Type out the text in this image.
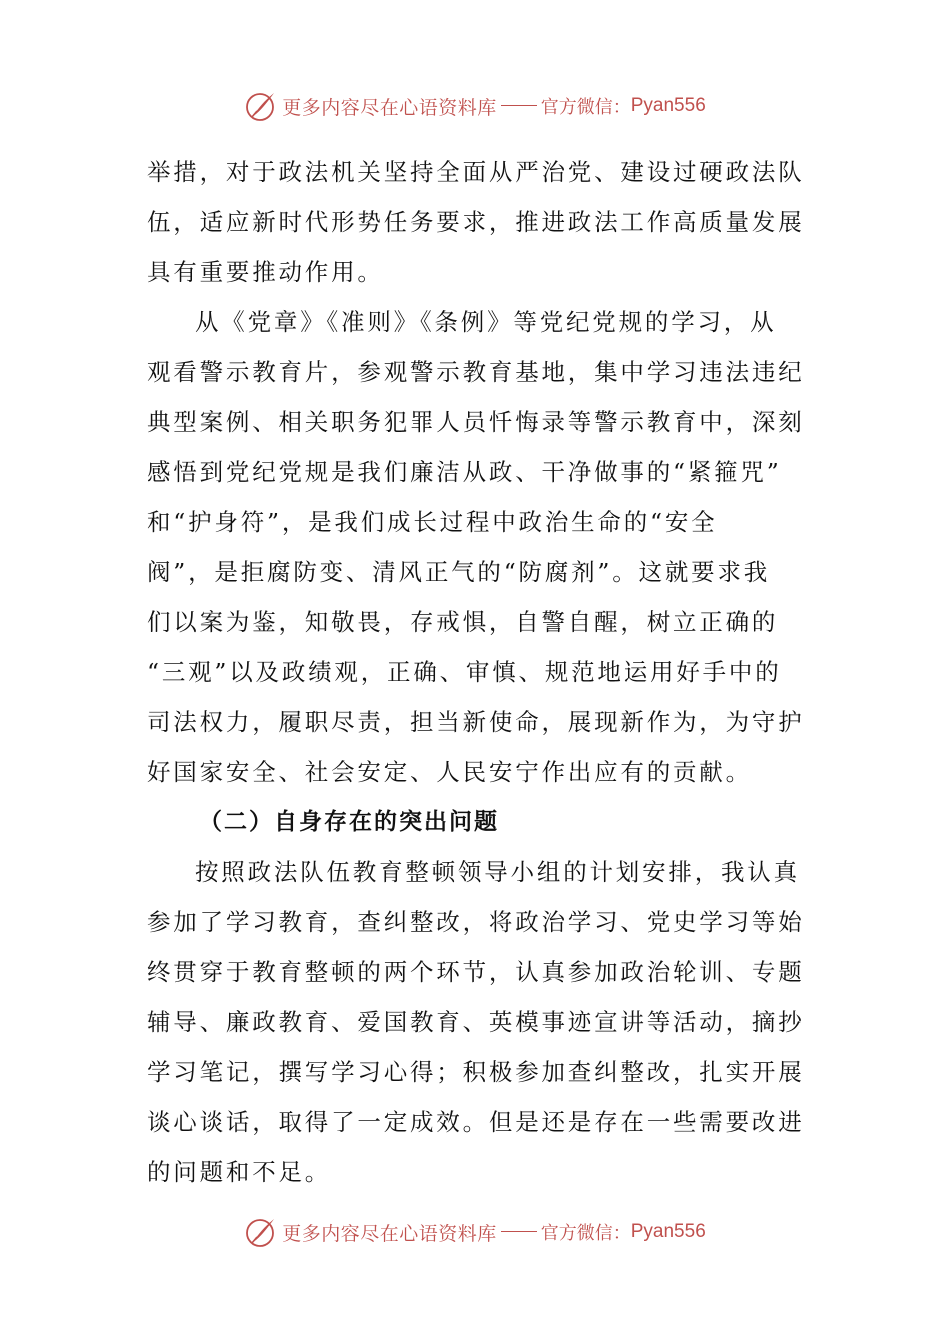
更多内容尽在心语资料库 官方微信： Pyan556
举措，对于政法机关坚持全面从严治党、建设过硬政法队
伍，适应新时代形势任务要求，推进政法工作高质量发展
具有重要推动作用。
从《党章》《准则》《条例》等党纪党规的学习，从
观看警示教育片，参观警示教育基地，集中学习违法违纪
典型案例、相关职务犯罪人员忏悔录等警示教育中，深刻
感悟到党纪党规是我们廉洁从政、干净做事的“紧箍咒”
和“护身符”，是我们成长过程中政治生命的“安全
阀”，是拒腐防变、清风正气的“防腐剂”。这就要求我
们以案为鉴，知敬畏，存戒惧，自警自醒，树立正确的
“三观”以及政绩观，正确、审慎、规范地运用好手中的
司法权力，履职尽责，担当新使命，展现新作为，为守护
好国家安全、社会安定、人民安宁作出应有的贡献。
（二）自身存在的突出问题
按照政法队伍教育整顿领导小组的计划安排，我认真
参加了学习教育，查纠整改，将政治学习、党史学习等始
终贯穿于教育整顿的两个环节，认真参加政治轮训、专题
辅导、廉政教育、爱国教育、英模事迹宣讲等活动，摘抄
学习笔记，撰写学习心得；积极参加查纠整改，扎实开展
谈心谈话，取得了一定成效。但是还是存在一些需要改进
的问题和不足。
更多内容尽在心语资料库 官方微信： Pyan556
